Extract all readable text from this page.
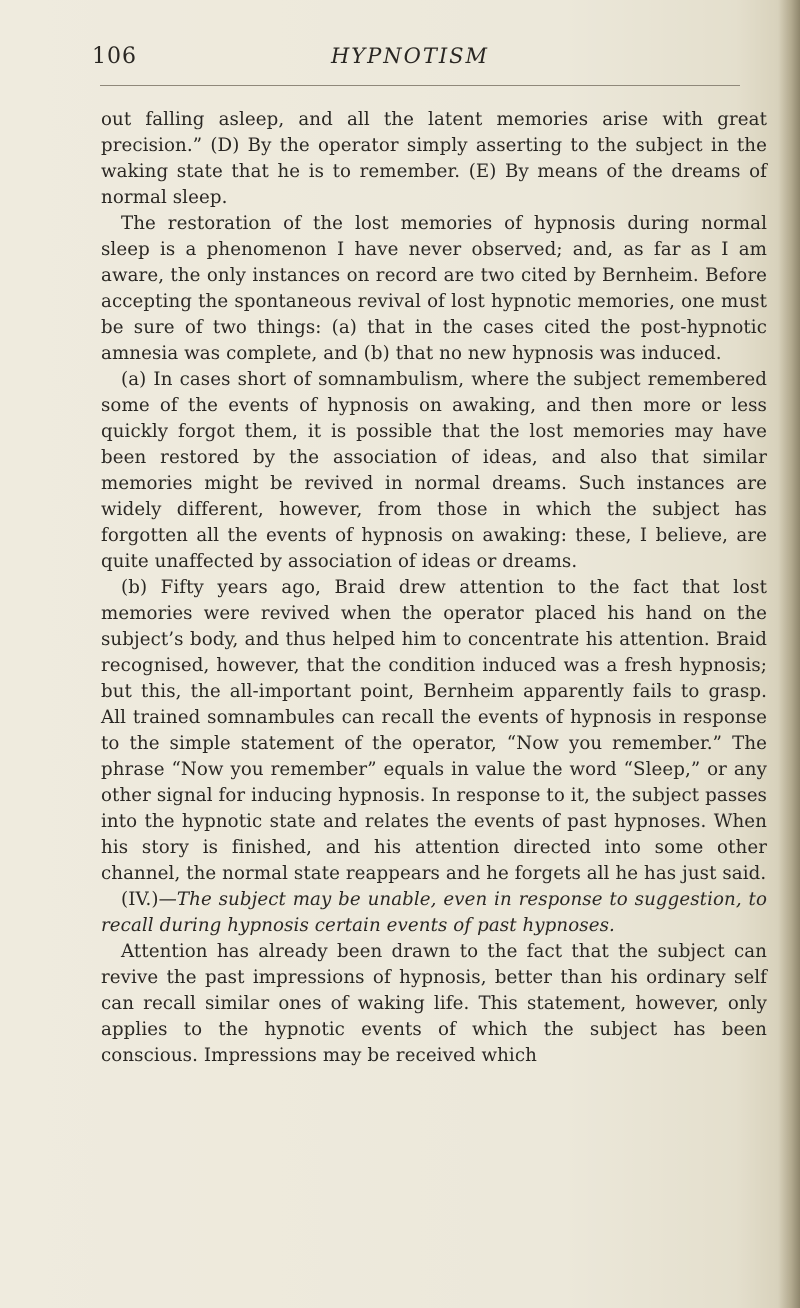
106	HYPNOTISM

out falling asleep, and all the latent memories arise with great precision.” (D) By the operator simply asserting to the subject in the waking state that he is to remember. (E) By means of the dreams of normal sleep.

The restoration of the lost memories of hypnosis during normal sleep is a phenomenon I have never observed; and, as far as I am aware, the only instances on record are two cited by Bernheim. Before accepting the spontaneous revival of lost hypnotic memories, one must be sure of two things: (a) that in the cases cited the post-hypnotic amnesia was complete, and (b) that no new hypnosis was induced.

(a) In cases short of somnambulism, where the subject remembered some of the events of hypnosis on awaking, and then more or less quickly forgot them, it is possible that the lost memories may have been restored by the association of ideas, and also that similar memories might be revived in normal dreams. Such instances are widely different, however, from those in which the subject has forgotten all the events of hypnosis on awaking: these, I believe, are quite unaffected by association of ideas or dreams.

(b) Fifty years ago, Braid drew attention to the fact that lost memories were revived when the operator placed his hand on the subject’s body, and thus helped him to concentrate his attention. Braid recognised, however, that the condition induced was a fresh hypnosis; but this, the all-important point, Bernheim apparently fails to grasp. All trained somnambules can recall the events of hypnosis in response to the simple statement of the operator, “Now you remember.” The phrase “Now you remember” equals in value the word “Sleep,” or any other signal for inducing hypnosis. In response to it, the subject passes into the hypnotic state and relates the events of past hypnoses. When his story is finished, and his attention directed into some other channel, the normal state reappears and he forgets all he has just said.

(IV.)—The subject may be unable, even in response to suggestion, to recall during hypnosis certain events of past hypnoses.

Attention has already been drawn to the fact that the subject can revive the past impressions of hypnosis, better than his ordinary self can recall similar ones of waking life. This statement, however, only applies to the hypnotic events of which the subject has been conscious. Impressions may be received which
